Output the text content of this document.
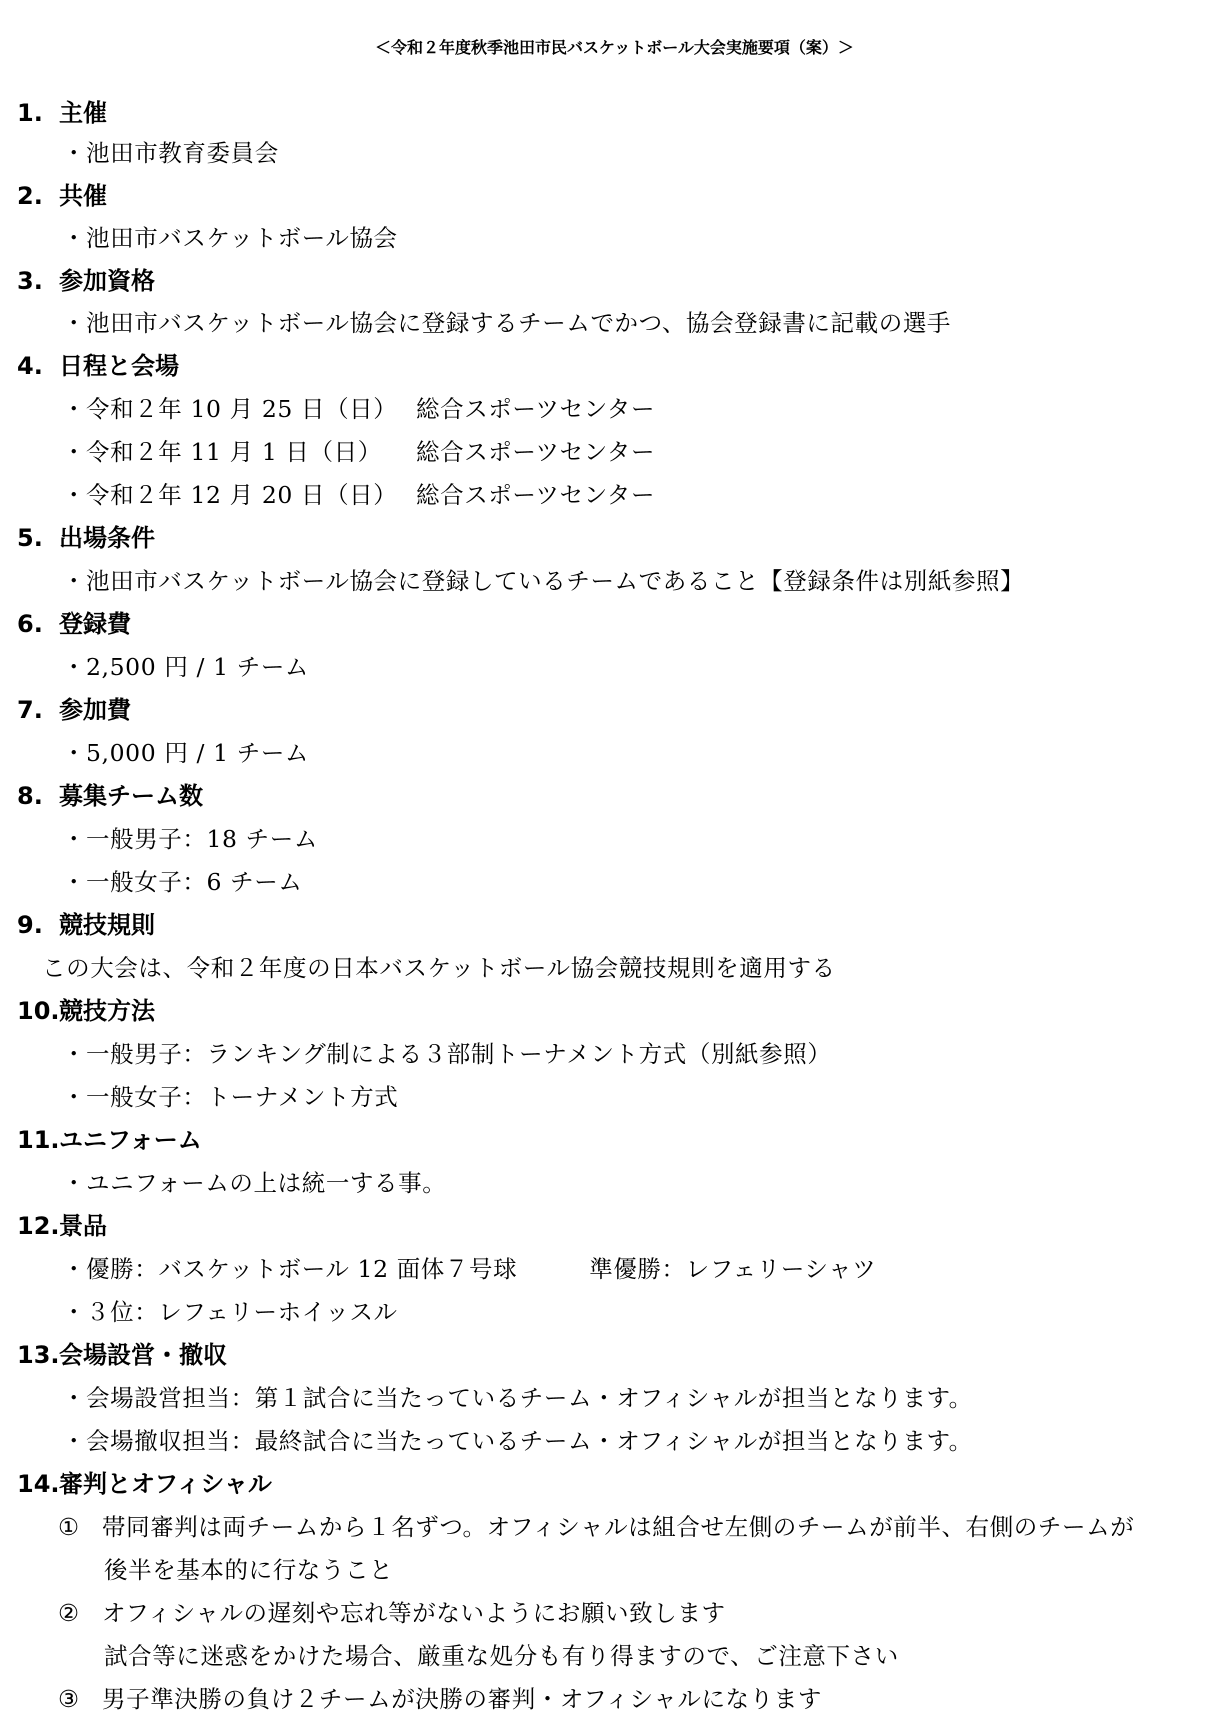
＜令和２年度秋季池田市民バスケットボール大会実施要項（案）＞
1. 主催
・池田市教育委員会
2. 共催
・池田市バスケットボール協会
3. 参加資格
・池田市バスケットボール協会に登録するチームでかつ、協会登録書に記載の選手
4. 日程と会場
・令和２年 10 月 25 日（日） 総合スポーツセンター
・令和２年 11 月 1 日（日） 総合スポーツセンター
・令和２年 12 月 20 日（日） 総合スポーツセンター
5. 出場条件
・池田市バスケットボール協会に登録しているチームであること【登録条件は別紙参照】
6. 登録費
・2,500 円 / 1 チーム
7. 参加費
・5,000 円 / 1 チーム
8. 募集チーム数
・一般男子：18 チーム
・一般女子：6 チーム
9. 競技規則
この大会は、令和２年度の日本バスケットボール協会競技規則を適用する
10.競技方法
・一般男子：ランキング制による３部制トーナメント方式（別紙参照）
・一般女子：トーナメント方式
11.ユニフォーム
・ユニフォームの上は統一する事。
12.景品
・優勝：バスケットボール 12 面体７号球	準優勝：レフェリーシャツ
・３位：レフェリーホイッスル
13.会場設営・撤収
・会場設営担当：第１試合に当たっているチーム・オフィシャルが担当となります。
・会場撤収担当：最終試合に当たっているチーム・オフィシャルが担当となります。
14.審判とオフィシャル
① 帯同審判は両チームから１名ずつ。オフィシャルは組合せ左側のチームが前半、右側のチームが
後半を基本的に行なうこと
② オフィシャルの遅刻や忘れ等がないようにお願い致します
試合等に迷惑をかけた場合、厳重な処分も有り得ますので、ご注意下さい
③ 男子準決勝の負け２チームが決勝の審判・オフィシャルになります
